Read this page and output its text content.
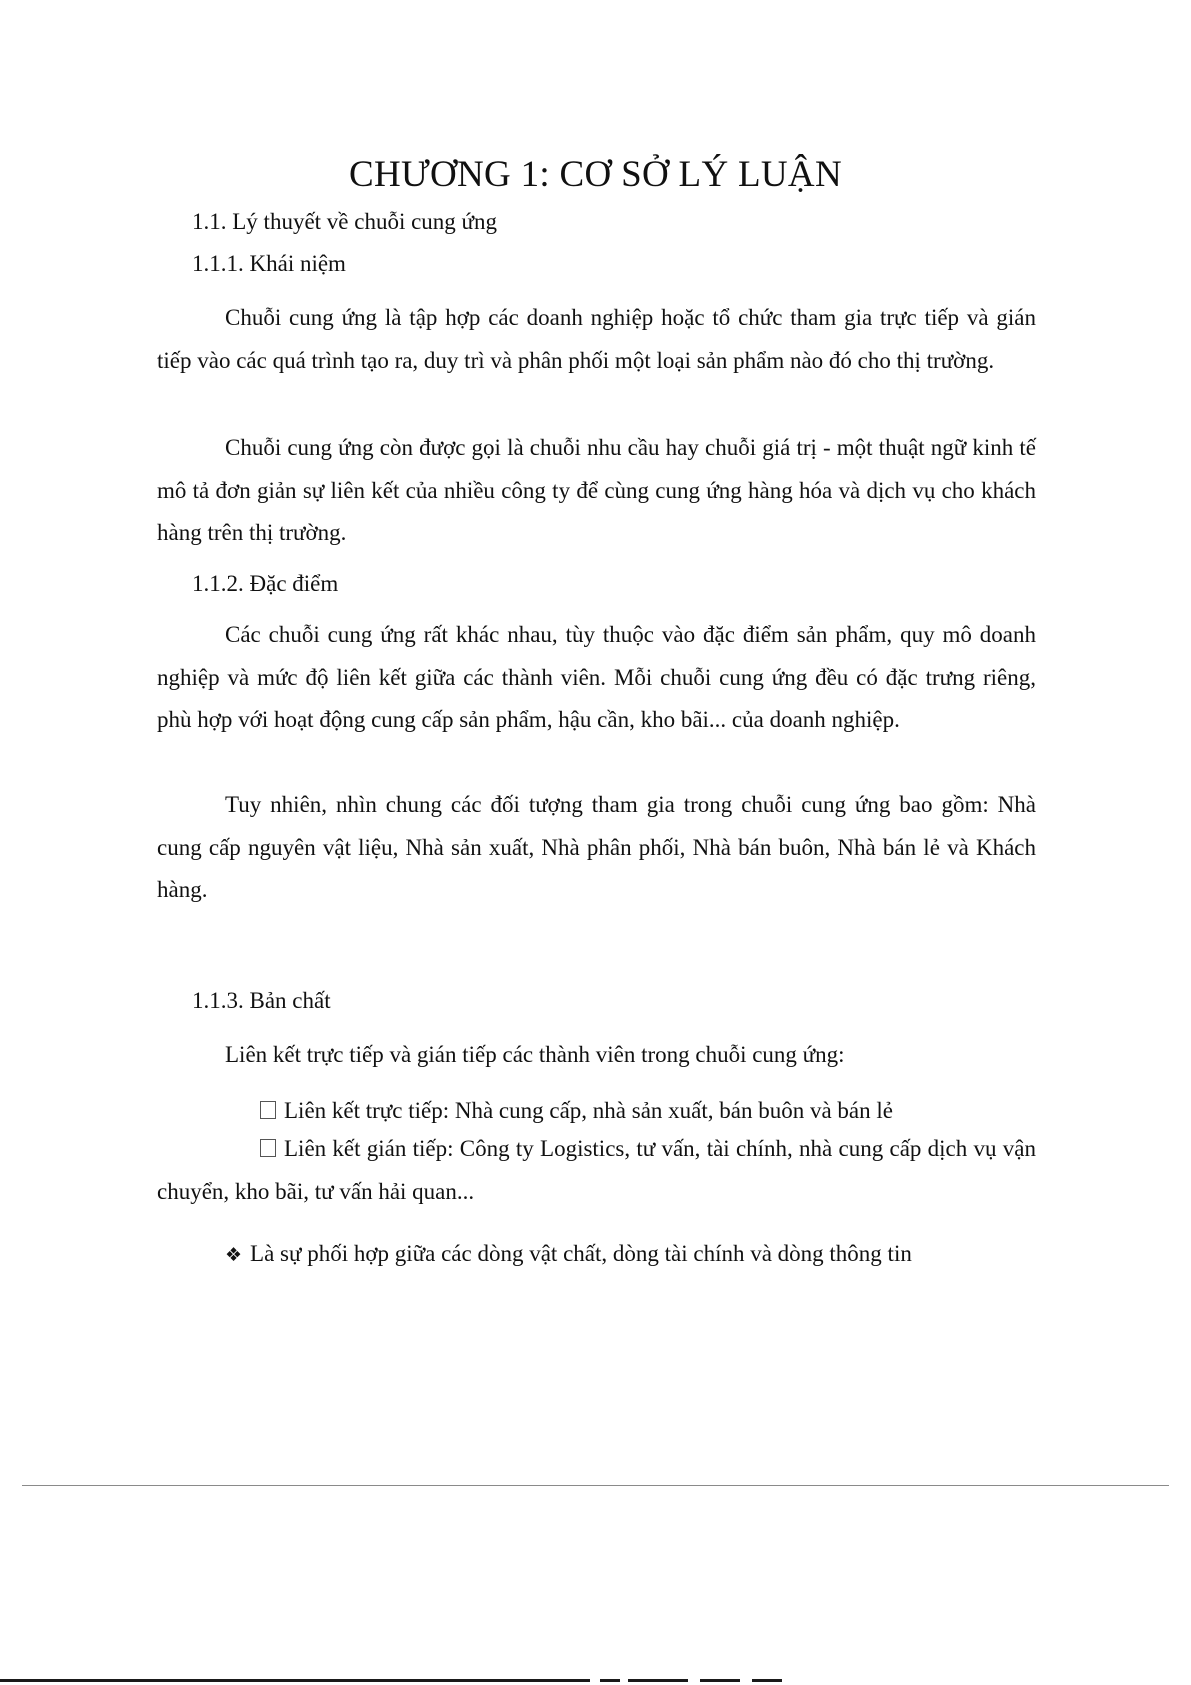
CHƯƠNG 1: CƠ SỞ LÝ LUẬN
1.1. Lý thuyết về chuỗi cung ứng
1.1.1. Khái niệm

Chuỗi cung ứng là tập hợp các doanh nghiệp hoặc tổ chức tham gia trực tiếp và gián tiếp vào các quá trình tạo ra, duy trì và phân phối một loại sản phẩm nào đó cho thị trường.

Chuỗi cung ứng còn được gọi là chuỗi nhu cầu hay chuỗi giá trị - một thuật ngữ kinh tế mô tả đơn giản sự liên kết của nhiều công ty để cùng cung ứng hàng hóa và dịch vụ cho khách hàng trên thị trường.

1.1.2. Đặc điểm

Các chuỗi cung ứng rất khác nhau, tùy thuộc vào đặc điểm sản phẩm, quy mô doanh nghiệp và mức độ liên kết giữa các thành viên. Mỗi chuỗi cung ứng đều có đặc trưng riêng, phù hợp với hoạt động cung cấp sản phẩm, hậu cần, kho bãi... của doanh nghiệp.

Tuy nhiên, nhìn chung các đối tượng tham gia trong chuỗi cung ứng bao gồm: Nhà cung cấp nguyên vật liệu, Nhà sản xuất, Nhà phân phối, Nhà bán buôn, Nhà bán lẻ và Khách hàng.

1.1.3. Bản chất
Liên kết trực tiếp và gián tiếp các thành viên trong chuỗi cung ứng:
Liên kết trực tiếp: Nhà cung cấp, nhà sản xuất, bán buôn và bán lẻ

Liên kết gián tiếp: Công ty Logistics, tư vấn, tài chính, nhà cung cấp dịch vụ vận chuyển, kho bãi, tư vấn hải quan...

❖ Là sự phối hợp giữa các dòng vật chất, dòng tài chính và dòng thông tin
